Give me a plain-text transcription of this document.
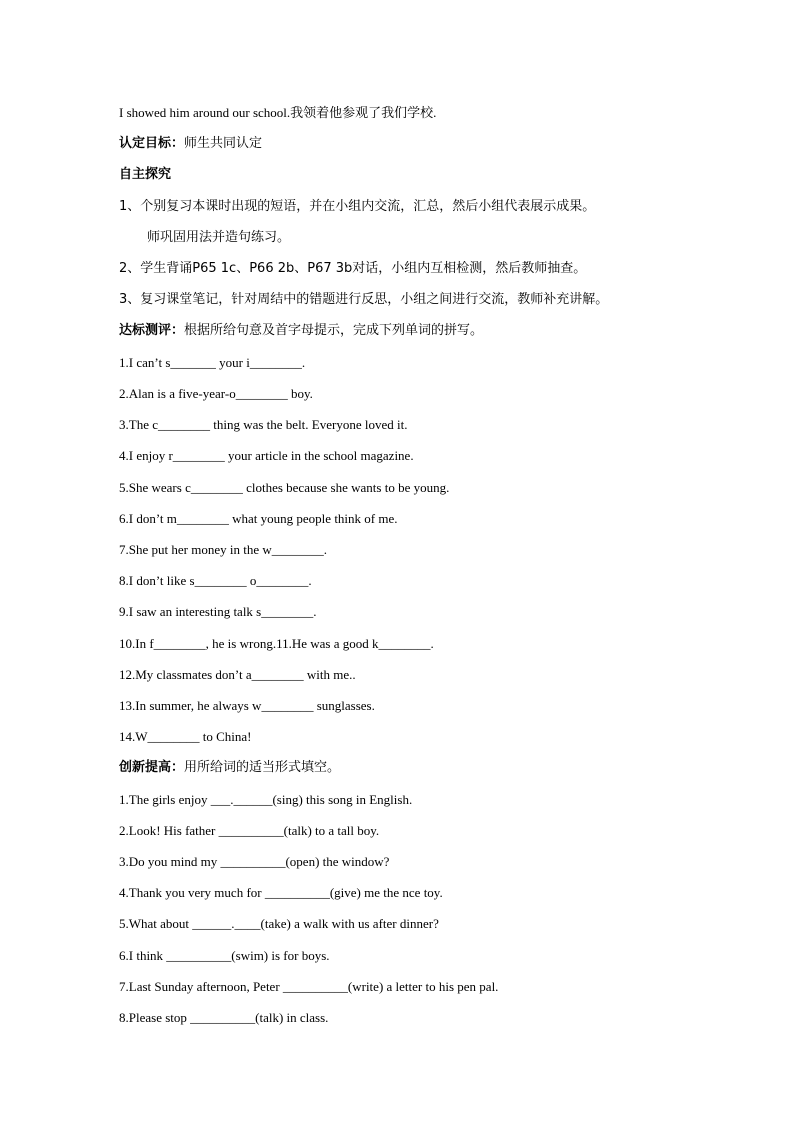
I showed him around our school.我领着他参观了我们学校.
认定目标：师生共同认定
自主探究
1、个别复习本课时出现的短语，并在小组内交流，汇总，然后小组代表展示成果。
师巩固用法并造句练习。
2、学生背诵P65 1c、P66 2b、P67 3b对话，小组内互相检测，然后教师抽查。
3、复习课堂笔记，针对周结中的错题进行反思，小组之间进行交流，教师补充讲解。
达标测评：根据所给句意及首字母提示，完成下列单词的拼写。
1.I can’t s_______ your i________.
2.Alan is a five-year-o________ boy.
3.The c________ thing was the belt. Everyone loved it.
4.I enjoy r________ your article in the school magazine.
5.She wears c________ clothes because she wants to be young.
6.I don’t m________ what young people think of me.
7.She put her money in the w________.
8.I don’t like s________ o________.
9.I saw an interesting talk s________.
10.In f________, he is wrong.11.He was a good k________.
12.My classmates don’t a________ with me..
13.In summer, he always w________ sunglasses.
14.W________ to China!
创新提高：用所给词的适当形式填空。
1.The girls enjoy ___.______(sing) this song in English.
2.Look! His father __________(talk) to a tall boy.
3.Do you mind my __________(open) the window?
4.Thank you very much for __________(give) me the nce toy.
5.What about ______.____(take) a walk with us after dinner?
6.I think __________(swim) is for boys.
7.Last Sunday afternoon, Peter __________(write) a letter to his pen pal.
8.Please stop __________(talk) in class.
